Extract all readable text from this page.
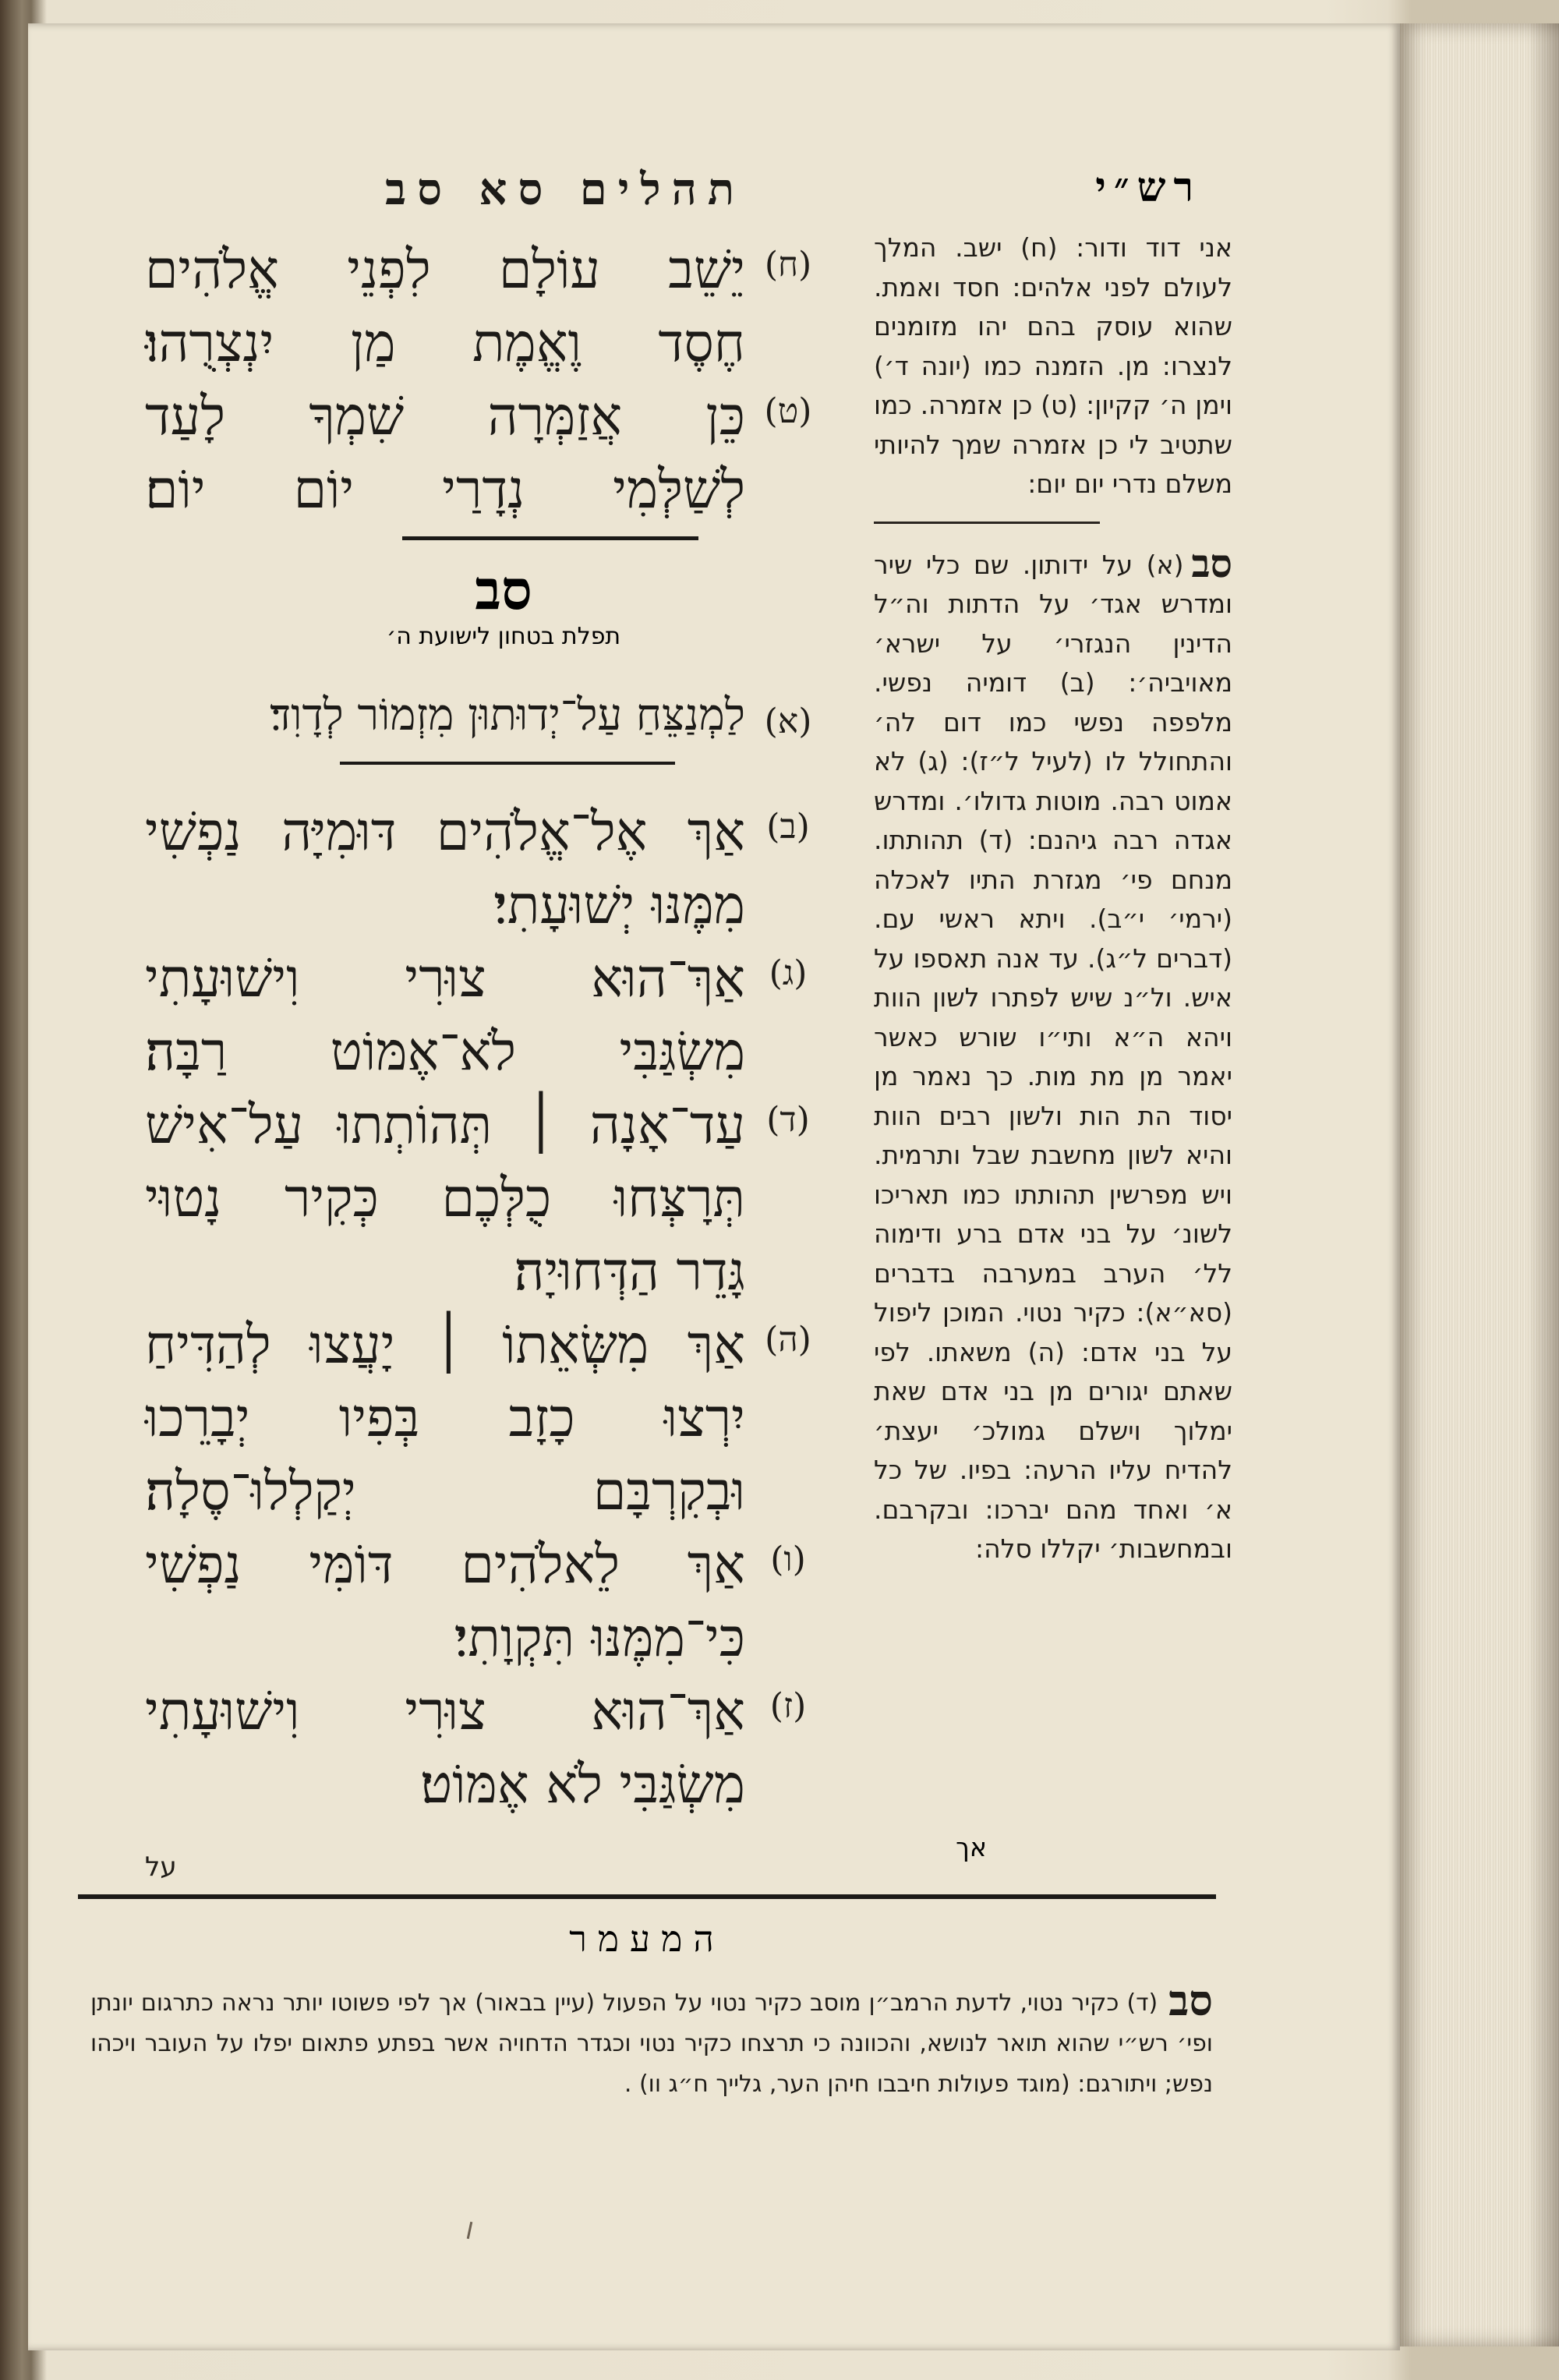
תהלים סא סב
(ח)
יֵשֵׁב עוֹלָם לִפְנֵי אֱלֹהִים
חֶסֶד וֶאֱמֶת מַן יִנְצְרֻהוּ׃
(ט)
כֵּן אֲזַמְּרָה שִׁמְךָ לָעַד
לְשַׁלְּמִי נְדָרַי יוֹם יוֹם׃
סב
תפלת בטחון לישועת ה׳
(א)
לַמְנַצֵּחַ עַל־יְדוּתוּן מִזְמוֹר לְדָוִד׃
(ב)
אַךְ אֶל־אֱלֹהִים דּוּמִיָּה נַפְשִׁי
מִמֶּנּוּ יְשׁוּעָתִי׃
(ג)
אַךְ־הוּא צוּרִי וִישׁוּעָתִי
מִשְׂגַּבִּי לֹא־אֶמּוֹט רַבָּה׃
(ד)
עַד־אָנָה ׀ תְּהוֹתְתוּ עַל־אִישׁ
תְּרָצְּחוּ כֻלְּכֶם כְּקִיר נָטוּי
גָּדֵר הַדְּחוּיָה׃
(ה)
אַךְ מִשְּׂאֵתוֹ ׀ יָעֲצוּ לְהַדִּיחַ
יִרְצוּ כָזָב בְּפִיו יְבָרֵכוּ
וּבְקִרְבָּם יְקַלְלוּ־סֶלָה׃
(ו)
אַךְ לֵאלֹהִים דּוֹמִּי נַפְשִׁי
כִּי־מִמֶּנּוּ תִּקְוָתִי׃
(ז)
אַךְ־הוּא צוּרִי וִישׁוּעָתִי
מִשְׂגַּבִּי לֹא אֶמּוֹט׃
על
רש״י
אני דוד ודור: (ח) ישב. המלך לעולם לפני אלהים: חסד ואמת. שהוא עוסק בהם יהו מזומנים לנצרו: מן. הזמנה כמו (יונה ד׳) וימן ה׳ קקיון: (ט) כן אזמרה. כמו שתטיב לי כן אזמרה שמך להיותי משלם נדרי יום יום:
סב(א) על ידותון. שם כלי שיר ומדרש אגד׳ על הדתות וה״ל הדינין הנגזרי׳ על ישרא׳ מאויביה׳: (ב) דומיה נפשי. מלפפה נפשי כמו דום לה׳ והתחולל לו (לעיל ל״ז): (ג) לא אמוט רבה. מוטות גדולו׳. ומדרש אגדה רבה גיהנם: (ד) תהותתו. מנחם פי׳ מגזרת התיו לאכלה (ירמי׳ י״ב). ויתא ראשי עם. (דברים ל״ג). עד אנה תאספו על איש. ול״נ שיש לפתרו לשון הוות ויהא ה״א ותי״ו שורש כאשר יאמר מן מת מות. כך נאמר מן יסוד הת הות ולשון רבים הוות והיא לשון מחשבת שבל ותרמית. ויש מפרשין תהותתו כמו תאריכו לשונ׳ על בני אדם ברע ודימוה לל׳ הערב במערבה בדברים (סא״א): כקיר נטוי. המוכן ליפול על בני אדם: (ה) משאתו. לפי שאתם יגורים מן בני אדם שאת ימלוך וישלם גמולכ׳ יעצת׳ להדיח עליו הרעה: בפיו. של כל א׳ ואחד מהם יברכו: ובקרבם. ובמחשבות׳ יקללו סלה:
אך
המעמר
סב(ד) כקיר נטוי, לדעת הרמב״ן מוסב כקיר נטוי על הפעול (עיין בבאור) אך לפי פשוטו יותר נראה כתרגום יונתן ופי׳ רש״י שהוא תואר לנושא, והכוונה כי תרצחו כקיר נטוי וכגדר הדחויה אשר בפתע פתאום יפלו על העובר ויכהו נפש; ויתורגם: (מוגד פעולות חיבבו חיהן הער, גלייך ח״ג וו) .
